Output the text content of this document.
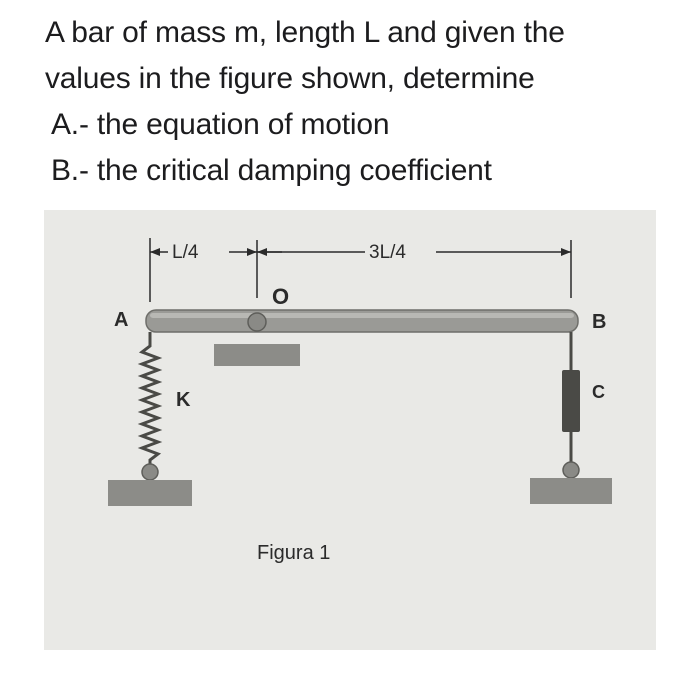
A bar of mass m, length L and given the

values in the figure shown, determine

A.- the equation of motion

B.- the critical damping coefficient

L/4	3L/4
O
A	B
K	C
Figura 1
